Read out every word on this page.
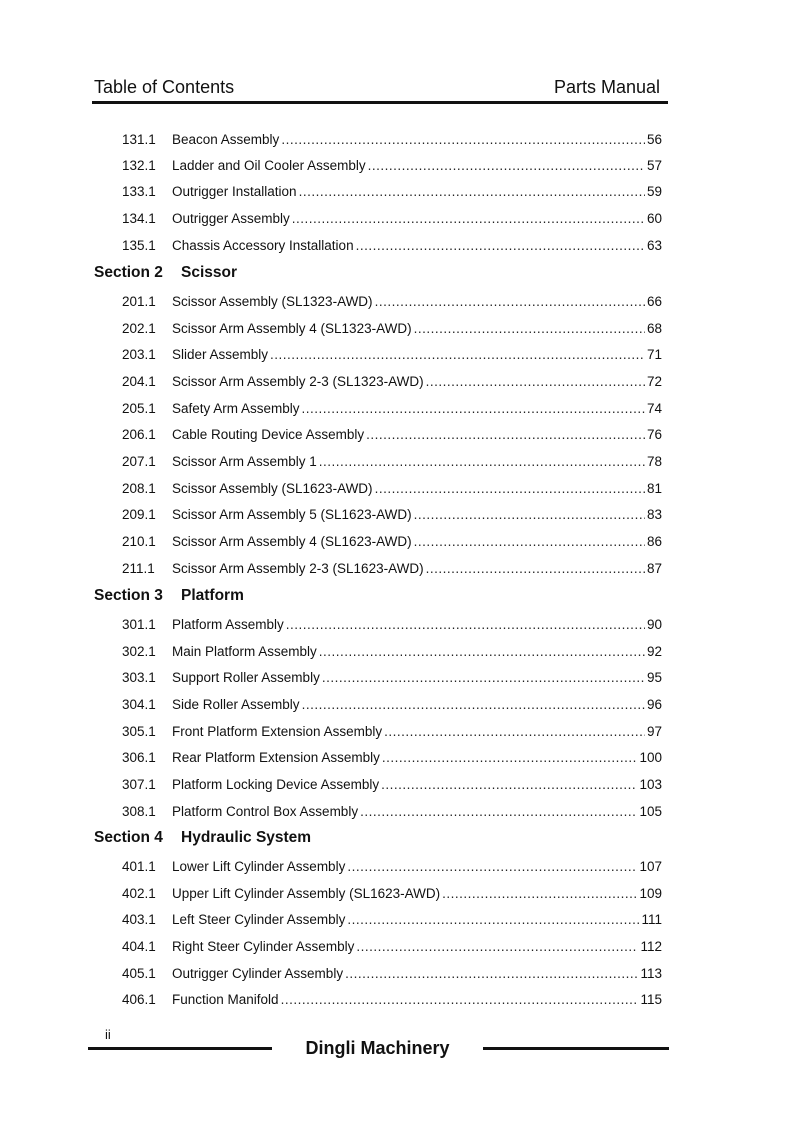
Table of Contents	Parts Manual
131.1 Beacon Assembly .....	56
132.1 Ladder and Oil Cooler Assembly .....	57
133.1 Outrigger Installation .....	59
134.1 Outrigger Assembly .....	60
135.1 Chassis Accessory Installation .....	63
Section 2 Scissor
201.1 Scissor Assembly (SL1323-AWD) .....	66
202.1 Scissor Arm Assembly 4 (SL1323-AWD) .....	68
203.1 Slider Assembly .....	71
204.1 Scissor Arm Assembly 2-3 (SL1323-AWD) .....	72
205.1 Safety Arm Assembly .....	74
206.1 Cable Routing Device Assembly .....	76
207.1 Scissor Arm Assembly 1 .....	78
208.1 Scissor Assembly (SL1623-AWD) .....	81
209.1 Scissor Arm Assembly 5 (SL1623-AWD) .....	83
210.1 Scissor Arm Assembly 4 (SL1623-AWD) .....	86
211.1 Scissor Arm Assembly 2-3 (SL1623-AWD) .....	87
Section 3 Platform
301.1 Platform Assembly .....	90
302.1 Main Platform Assembly .....	92
303.1 Support Roller Assembly .....	95
304.1 Side Roller Assembly .....	96
305.1 Front Platform Extension Assembly .....	97
306.1 Rear Platform Extension Assembly .....	100
307.1 Platform Locking Device Assembly .....	103
308.1 Platform Control Box Assembly .....	105
Section 4 Hydraulic System
401.1 Lower Lift Cylinder Assembly .....	107
402.1 Upper Lift Cylinder Assembly (SL1623-AWD) .....	109
403.1 Left Steer Cylinder Assembly .....	111
404.1 Right Steer Cylinder Assembly .....	112
405.1 Outrigger Cylinder Assembly .....	113
406.1 Function Manifold .....	115
ii
Dingli Machinery
